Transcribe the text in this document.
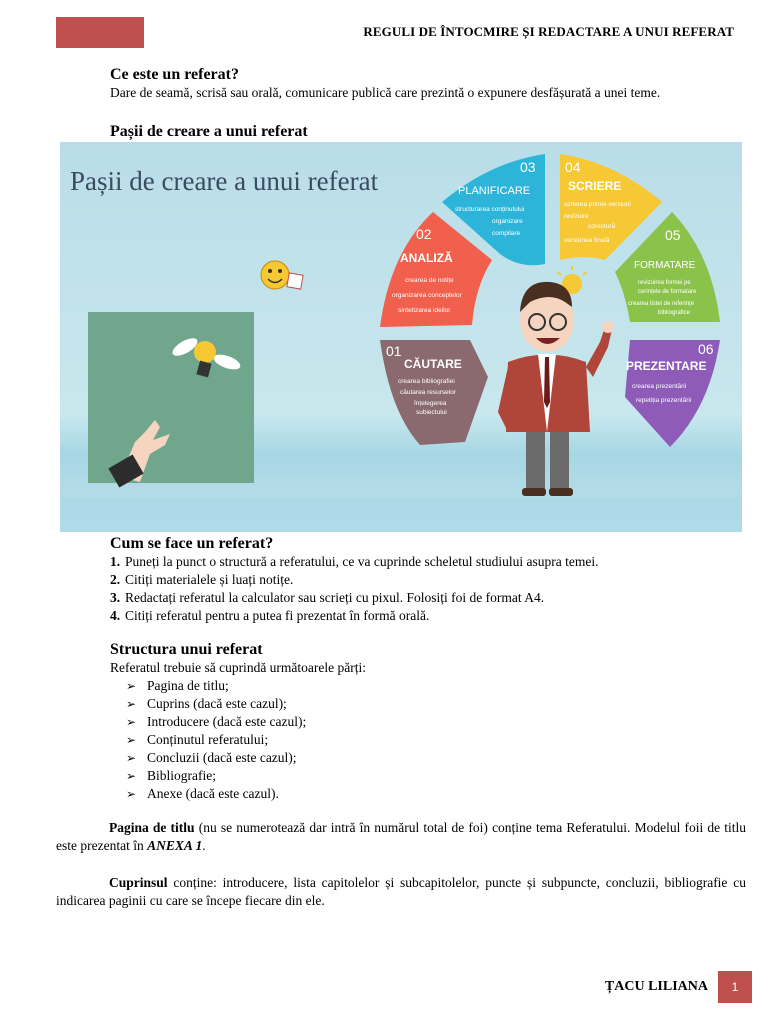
REGULI DE ÎNTOCMIRE ȘI REDACTARE A UNUI REFERAT
Ce este un referat?

Dare de seamă, scrisă sau orală, comunicare publică care prezintă o expunere desfășurată a unei teme.

Pașii de creare a unui referat
Pașii de creare a unui referat
01
CĂUTARE
crearea bibliografiei
căutarea resurselor
înțelegerea
subiectului
02
ANALIZĂ
crearea de notițe
organizarea conceptelor
sintetizarea ideilor
03
PLANIFICARE
structurarea conținutului
organizare
compilare
04
SCRIERE
scrierea primei versiuni
revizuire
corectură
versiunea finală	05
FORMATARE
revizuirea formei pe
cerințele de formatare
crearea listei de referințe
bibliografice
06
PREZENTARE
crearea prezentării
repetiția prezentării
Cum se face un referat?
1. Puneți la punct o structură a referatului, ce va cuprinde scheletul studiului asupra temei.
2. Citiți materialele și luați notițe.
3. Redactați referatul la calculator sau scrieți cu pixul. Folosiți foi de format A4.
4. Citiți referatul pentru a putea fi prezentat în formă orală.
Structura unui referat

Referatul trebuie să cuprindă următoarele părți:

➢ Pagina de titlu;
➢ Cuprins (dacă este cazul);
➢ Introducere (dacă este cazul);
➢ Conținutul referatului;
➢ Concluzii (dacă este cazul);
➢ Bibliografie;
➢ Anexe (dacă este cazul).
Pagina de titlu (nu se numerotează dar intră în numărul total de foi) conține tema Referatului. Modelul foii de titlu este prezentat în ANEXA 1.
Cuprinsul conține: introducere, lista capitolelor și subcapitolelor, puncte și subpuncte, concluzii, bibliografie cu indicarea paginii cu care se începe fiecare din ele.
ȚACU LILIANA	1
